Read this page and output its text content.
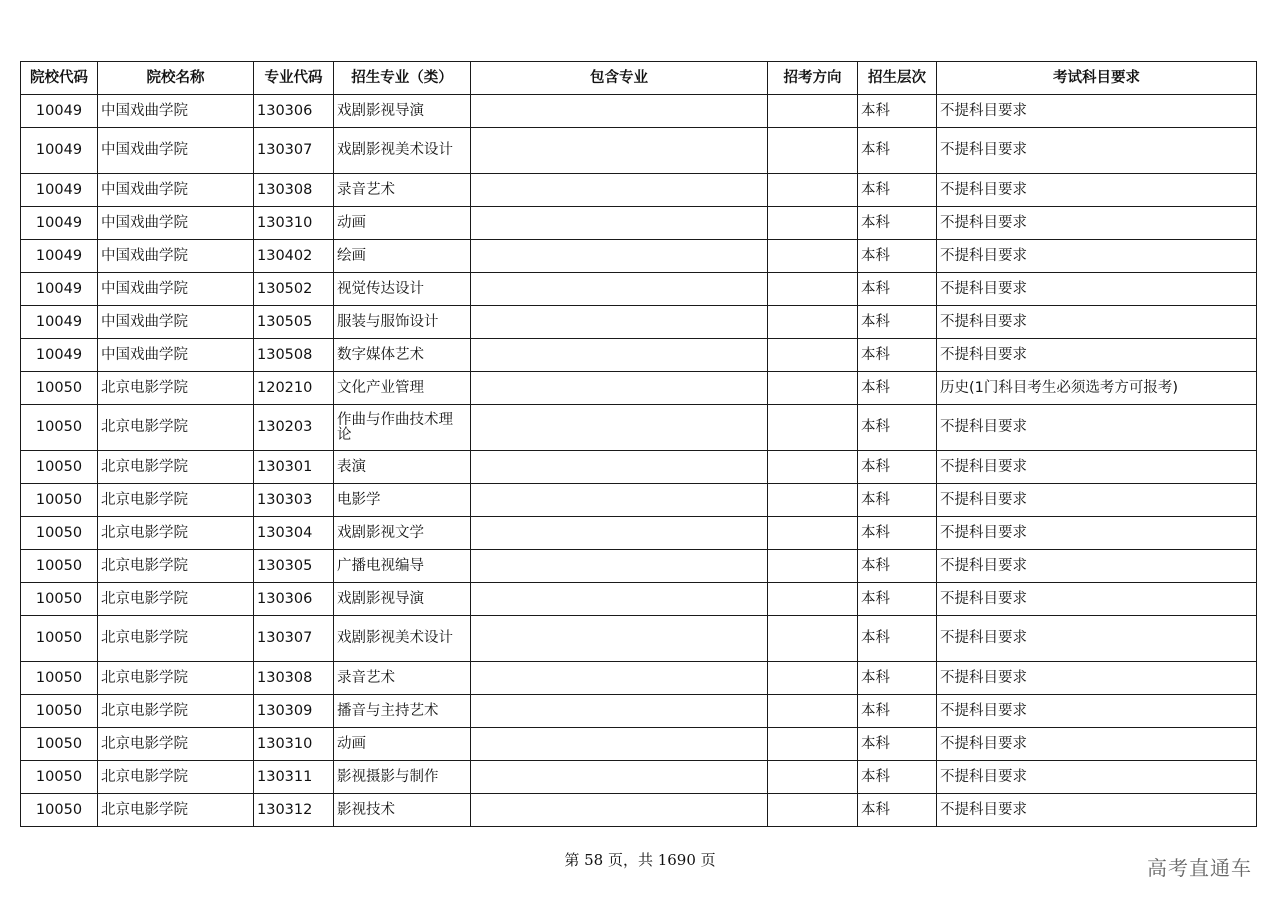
院校代码	院校名称	专业代码	招生专业（类）	包含专业	招考方向	招生层次	考试科目要求
10049	中国戏曲学院	130306	戏剧影视导演			本科	不提科目要求
10049	中国戏曲学院	130307	戏剧影视美术设计			本科	不提科目要求
10049	中国戏曲学院	130308	录音艺术			本科	不提科目要求
10049	中国戏曲学院	130310	动画			本科	不提科目要求
10049	中国戏曲学院	130402	绘画			本科	不提科目要求
10049	中国戏曲学院	130502	视觉传达设计			本科	不提科目要求
10049	中国戏曲学院	130505	服装与服饰设计			本科	不提科目要求
10049	中国戏曲学院	130508	数字媒体艺术			本科	不提科目要求
10050	北京电影学院	120210	文化产业管理			本科	历史(1门科目考生必须选考方可报考)
10050	北京电影学院	130203	作曲与作曲技术理论			本科	不提科目要求
10050	北京电影学院	130301	表演			本科	不提科目要求
10050	北京电影学院	130303	电影学			本科	不提科目要求
10050	北京电影学院	130304	戏剧影视文学			本科	不提科目要求
10050	北京电影学院	130305	广播电视编导			本科	不提科目要求
10050	北京电影学院	130306	戏剧影视导演			本科	不提科目要求
10050	北京电影学院	130307	戏剧影视美术设计			本科	不提科目要求
10050	北京电影学院	130308	录音艺术			本科	不提科目要求
10050	北京电影学院	130309	播音与主持艺术			本科	不提科目要求
10050	北京电影学院	130310	动画			本科	不提科目要求
10050	北京电影学院	130311	影视摄影与制作			本科	不提科目要求
10050	北京电影学院	130312	影视技术			本科	不提科目要求
第 58 页，共 1690 页	高考直通车
